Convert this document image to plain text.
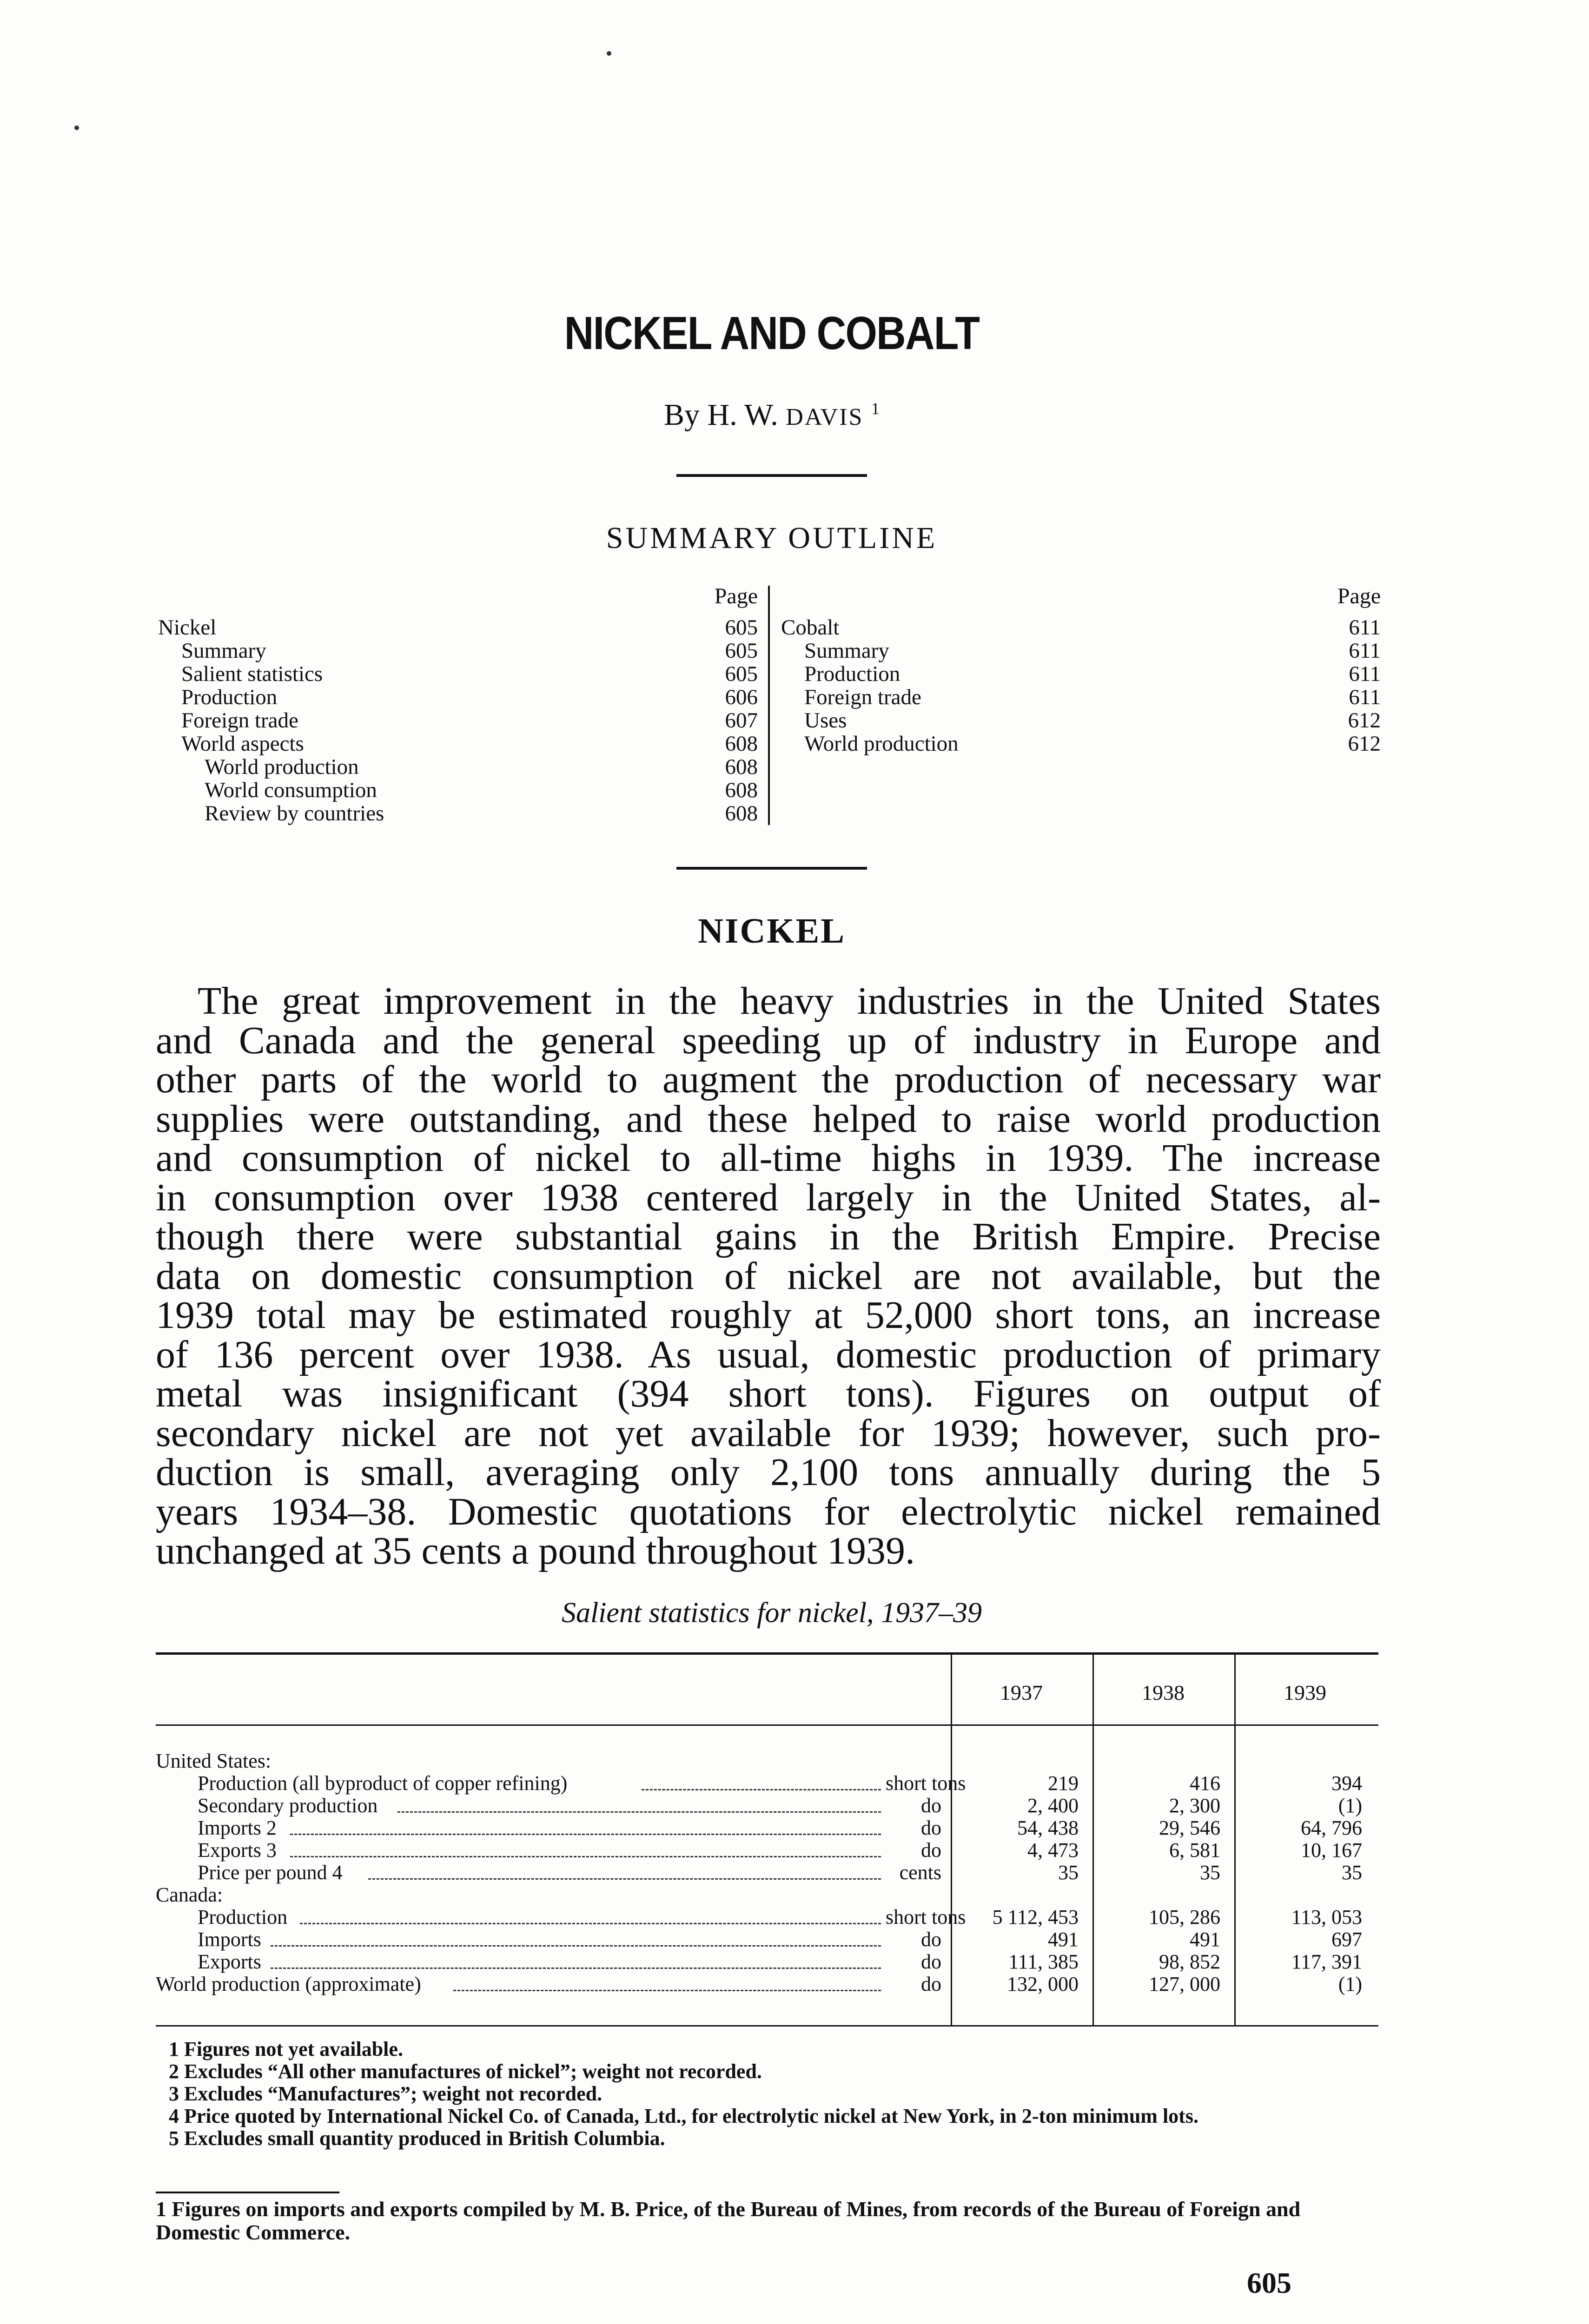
NICKEL AND COBALT
By H. W. DAVIS $^1$
SUMMARY OUTLINE
Page
Nickel	605
Summary	605
Salient statistics	605
Production	606
Foreign trade	607
World aspects	608
World production	608
World consumption	608
Review by countries	608
Page
Cobalt	611
Summary	611
Production	611
Foreign trade	611
Uses	612
World production	612
NICKEL
The great improvement in the heavy industries in the United States
and Canada and the general speeding up of industry in Europe and
other parts of the world to augment the production of necessary war
supplies were outstanding, and these helped to raise world production
and consumption of nickel to all-time highs in 1939. The increase
in consumption over 1938 centered largely in the United States, al-
though there were substantial gains in the British Empire. Precise
data on domestic consumption of nickel are not available, but the
1939 total may be estimated roughly at 52,000 short tons, an increase
of 136 percent over 1938. As usual, domestic production of primary
metal was insignificant (394 short tons). Figures on output of
secondary nickel are not yet available for 1939; however, such pro-
duction is small, averaging only 2,100 tons annually during the 5
years 1934–38. Domestic quotations for electrolytic nickel remained
unchanged at 35 cents a pound throughout 1939.
Salient statistics for nickel, 1937–39
1937	1938	1939
United States:
Production (all byproduct of copper refining)	short tons	219	416	394
Secondary production	do	2, 400	2, 300	(1)
Imports 2	do	54, 438	29, 546	64, 796
Exports 3	do	4, 473	6, 581	10, 167
Price per pound 4	cents	35	35	35
Canada:
Production	short tons	5 112, 453	105, 286	113, 053
Imports	do	491	491	697
Exports	do	111, 385	98, 852	117, 391
World production (approximate)	do	132, 000	127, 000	(1)
1 Figures not yet available.
2 Excludes “All other manufactures of nickel”; weight not recorded.
3 Excludes “Manufactures”; weight not recorded.
4 Price quoted by International Nickel Co. of Canada, Ltd., for electrolytic nickel at New York, in 2-ton minimum lots.
5 Excludes small quantity produced in British Columbia.
1 Figures on imports and exports compiled by M. B. Price, of the Bureau of Mines, from records of the Bureau of Foreign and Domestic Commerce.
605
